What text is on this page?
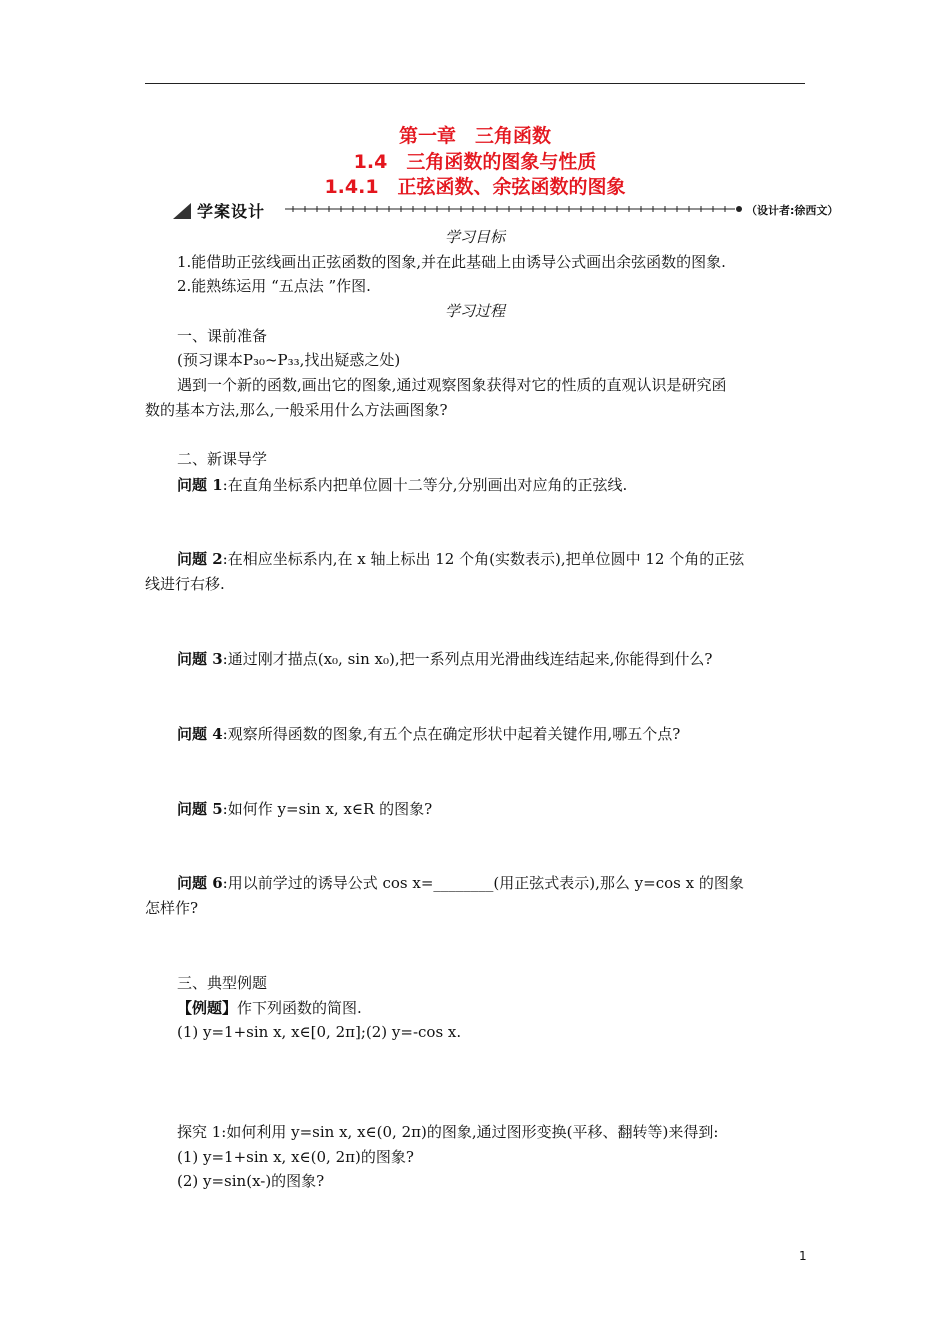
第一章　三角函数
1.4　三角函数的图象与性质
1.4.1　正弦函数、余弦函数的图象
学案设计	（设计者:徐西文）
学习目标
1.能借助正弦线画出正弦函数的图象,并在此基础上由诱导公式画出余弦函数的图象.
2.能熟练运用 “五点法 ”作图.
学习过程
一、课前准备
(预习课本P₃₀~P₃₃,找出疑惑之处)
遇到一个新的函数,画出它的图象,通过观察图象获得对它的性质的直观认识是研究函
数的基本方法,那么,一般采用什么方法画图象?
二、新课导学
问题 1:在直角坐标系内把单位圆十二等分,分别画出对应角的正弦线.
问题 2:在相应坐标系内,在 x 轴上标出 12 个角(实数表示),把单位圆中 12 个角的正弦
线进行右移.
问题 3:通过刚才描点(x₀, sin x₀),把一系列点用光滑曲线连结起来,你能得到什么?
问题 4:观察所得函数的图象,有五个点在确定形状中起着关键作用,哪五个点?
问题 5:如何作 y=sin x, x∈R 的图象?
问题 6:用以前学过的诱导公式 cos x=________(用正弦式表示),那么 y=cos x 的图象
怎样作?
三、典型例题
【例题】作下列函数的简图.
(1) y=1+sin x, x∈[0, 2π];(2) y=-cos x.
探究 1:如何利用 y=sin x, x∈(0, 2π)的图象,通过图形变换(平移、翻转等)来得到:
(1) y=1+sin x, x∈(0, 2π)的图象?
(2) y=sin(x-)的图象?
1
